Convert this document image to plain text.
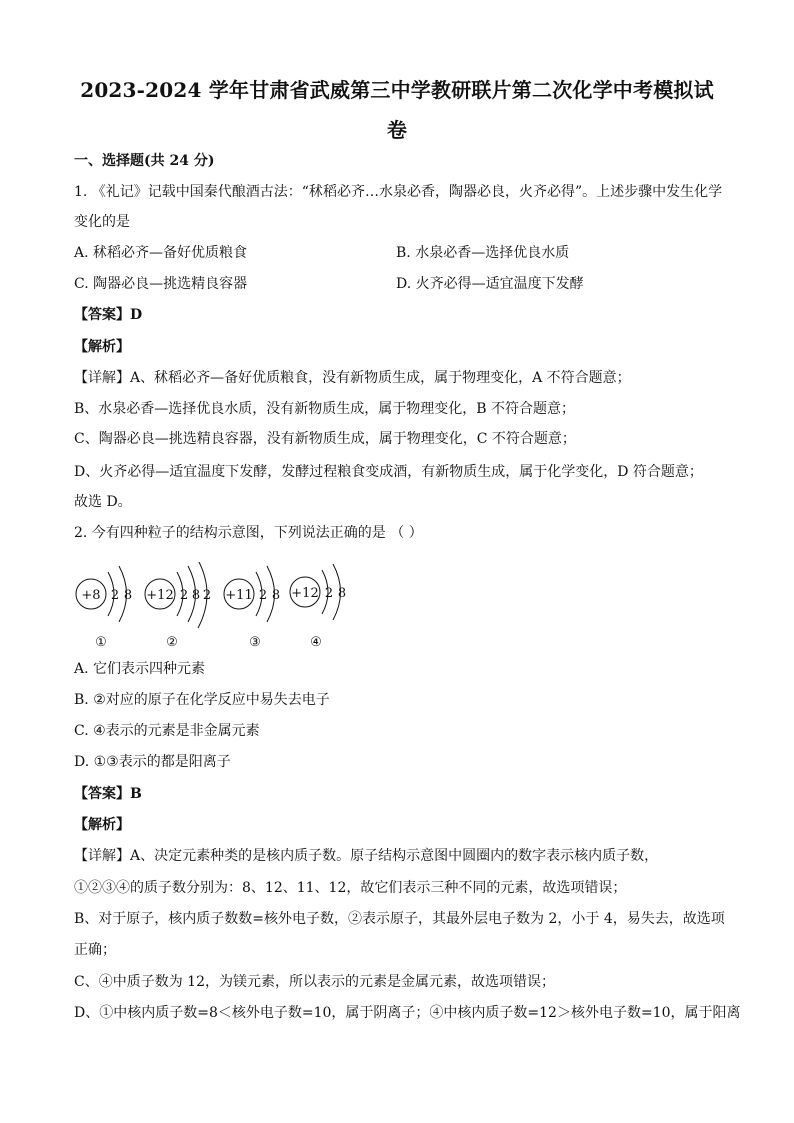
2023-2024 学年甘肃省武威第三中学教研联片第二次化学中考模拟试
卷
一、选择题(共 24 分)
1. 《礼记》记载中国秦代酿酒古法：“秫稻必齐…水泉必香，陶器必良，火齐必得”。上述步骤中发生化学
变化的是
A. 秫稻必齐—备好优质粮食	B. 水泉必香—选择优良水质
C. 陶器必良—挑选精良容器	D. 火齐必得—适宜温度下发酵
【答案】D
【解析】
【详解】A、秫稻必齐—备好优质粮食，没有新物质生成，属于物理变化，A 不符合题意；
B、水泉必香—选择优良水质，没有新物质生成，属于物理变化，B 不符合题意；
C、陶器必良—挑选精良容器，没有新物质生成，属于物理变化，C 不符合题意；
D、火齐必得—适宜温度下发酵，发酵过程粮食变成酒，有新物质生成，属于化学变化，D 符合题意；
故选 D。
2. 今有四种粒子的结构示意图，下列说法正确的是 （ ）
+8 2 8
①
+12 2 8 2
②
+11 2 8
③
+12 2 8
④
A. 它们表示四种元素
B. ②对应的原子在化学反应中易失去电子
C. ④表示的元素是非金属元素
D. ①③表示的都是阳离子
【答案】B
【解析】
【详解】A、决定元素种类的是核内质子数。原子结构示意图中圆圈内的数字表示核内质子数，
①②③④的质子数分别为：8、12、11、12，故它们表示三种不同的元素，故选项错误；
B、对于原子，核内质子数数=核外电子数，②表示原子，其最外层电子数为 2，小于 4，易失去，故选项
正确；
C、④中质子数为 12，为镁元素，所以表示的元素是金属元素，故选项错误；
D、①中核内质子数=8＜核外电子数=10，属于阴离子；④中核内质子数=12＞核外电子数=10，属于阳离
